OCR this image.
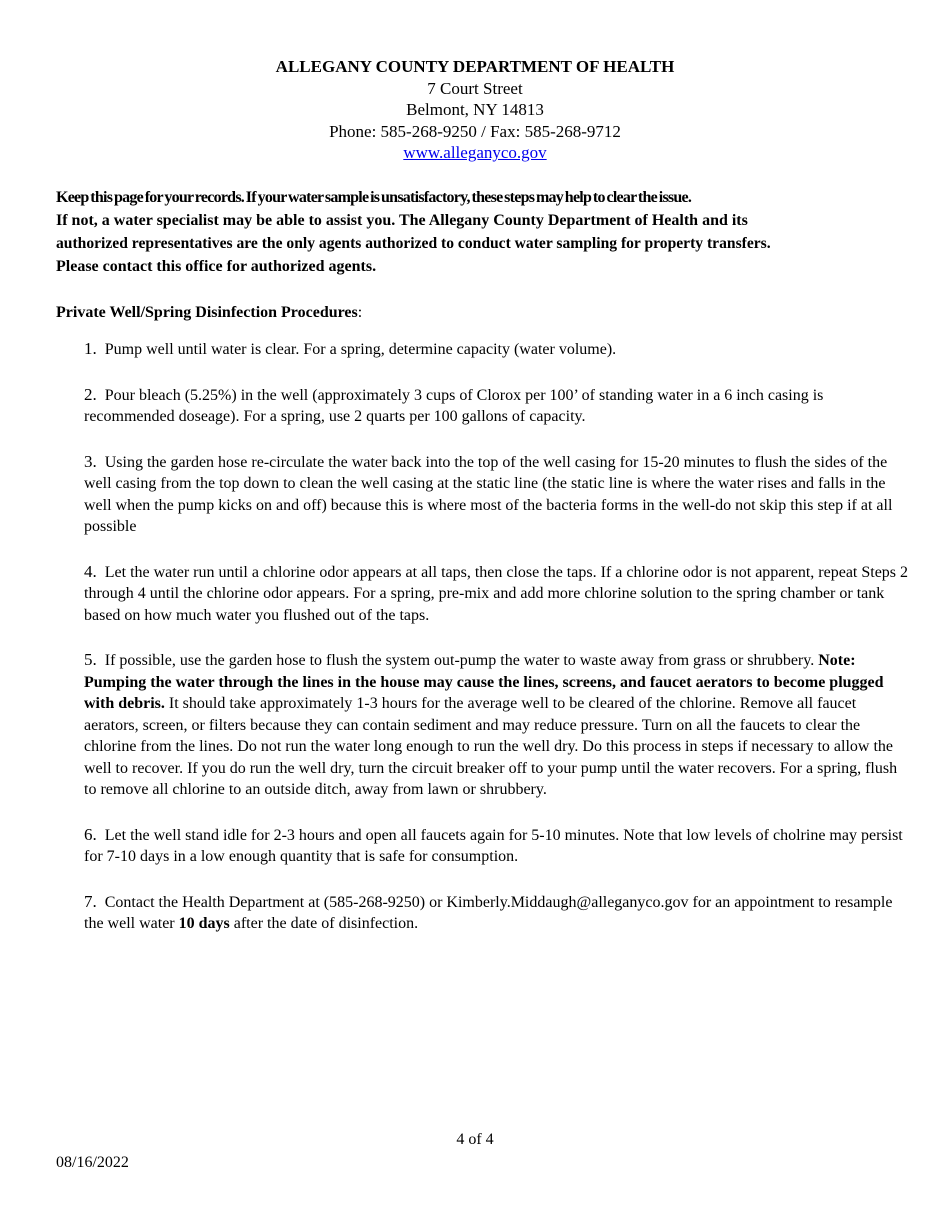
ALLEGANY COUNTY DEPARTMENT OF HEALTH
7 Court Street
Belmont, NY 14813
Phone: 585-268-9250 / Fax: 585-268-9712
www.alleganyco.gov
Keep this page for your records. If your water sample is unsatisfactory, these steps may help to clear the issue.
If not, a water specialist may be able to assist you. The Allegany County Department of Health and its
authorized representatives are the only agents authorized to conduct water sampling for property transfers.
Please contact this office for authorized agents.
Private Well/Spring Disinfection Procedures:

1. Pump well until water is clear. For a spring, determine capacity (water volume).

2. Pour bleach (5.25%) in the well (approximately 3 cups of Clorox per 100’ of standing water in a 6 inch casing is recommended doseage). For a spring, use 2 quarts per 100 gallons of capacity.

3. Using the garden hose re-circulate the water back into the top of the well casing for 15-20 minutes to flush the sides of the well casing from the top down to clean the well casing at the static line (the static line is where the water rises and falls in the well when the pump kicks on and off) because this is where most of the bacteria forms in the well-do not skip this step if at all possible

4. Let the water run until a chlorine odor appears at all taps, then close the taps. If a chlorine odor is not apparent, repeat Steps 2 through 4 until the chlorine odor appears. For a spring, pre-mix and add more chlorine solution to the spring chamber or tank based on how much water you flushed out of the taps.

5. If possible, use the garden hose to flush the system out-pump the water to waste away from grass or shrubbery. Note: Pumping the water through the lines in the house may cause the lines, screens, and faucet aerators to become plugged with debris. It should take approximately 1-3 hours for the average well to be cleared of the chlorine. Remove all faucet aerators, screen, or filters because they can contain sediment and may reduce pressure. Turn on all the faucets to clear the chlorine from the lines. Do not run the water long enough to run the well dry. Do this process in steps if necessary to allow the well to recover. If you do run the well dry, turn the circuit breaker off to your pump until the water recovers. For a spring, flush to remove all chlorine to an outside ditch, away from lawn or shrubbery.

6. Let the well stand idle for 2-3 hours and open all faucets again for 5-10 minutes. Note that low levels of cholrine may persist for 7-10 days in a low enough quantity that is safe for consumption.

7. Contact the Health Department at (585-268-9250) or Kimberly.Middaugh@alleganyco.gov for an appointment to resample the well water 10 days after the date of disinfection.

4 of 4
08/16/2022
